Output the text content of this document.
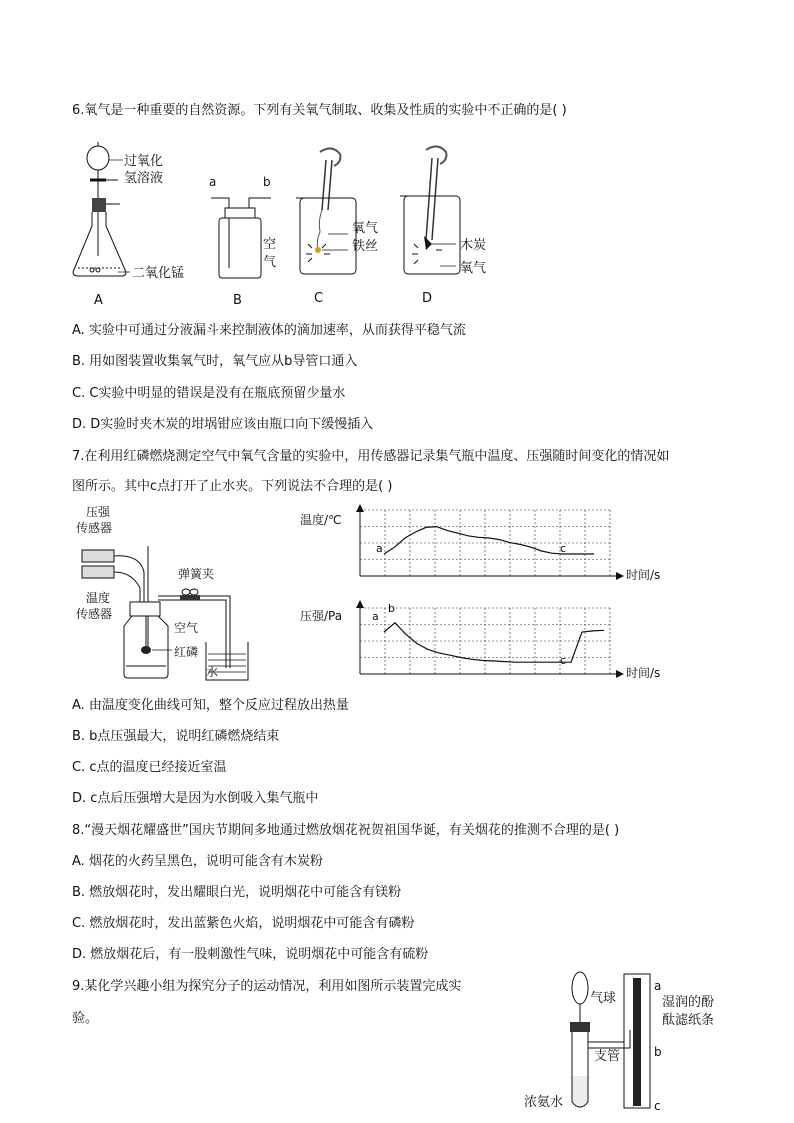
6.氧气是一种重要的自然资源。下列有关氧气制取、收集及性质的实验中不正确的是( )
过氧化
氢溶液
二氧化锰
A
a	b
空
气
B
氧气
铁丝
C
木炭
氧气
D
A. 实验中可通过分液漏斗来控制液体的滴加速率，从而获得平稳气流
B. 用如图装置收集氧气时，氧气应从b导管口通入
C. C实验中明显的错误是没有在瓶底预留少量水
D. D实验时夹木炭的坩埚钳应该由瓶口向下缓慢插入
7.在利用红磷燃烧测定空气中氧气含量的实验中，用传感器记录集气瓶中温度、压强随时间变化的情况如
图所示。其中c点打开了止水夹。下列说法不合理的是( )
压强
传感器
温度
传感器
弹簧夹
空气
红磷
水
温度/℃
a	c
时间/s
压强/Pa	a
b
c
时间/s
A. 由温度变化曲线可知，整个反应过程放出热量
B. b点压强最大，说明红磷燃烧结束
C. c点的温度已经接近室温
D. c点后压强增大是因为水倒吸入集气瓶中
8.“漫天烟花耀盛世”国庆节期间多地通过燃放烟花祝贺祖国华诞，有关烟花的推测不合理的是( )
A. 烟花的火药呈黑色，说明可能含有木炭粉
B. 燃放烟花时，发出耀眼白光，说明烟花中可能含有镁粉
C. 燃放烟花时，发出蓝紫色火焰，说明烟花中可能含有磷粉
D. 燃放烟花后，有一股刺激性气味，说明烟花中可能含有硫粉
9.某化学兴趣小组为探究分子的运动情况，利用如图所示装置完成实
验。
气球
支管
浓氨水
a
b
c
湿润的酚
酞滤纸条
